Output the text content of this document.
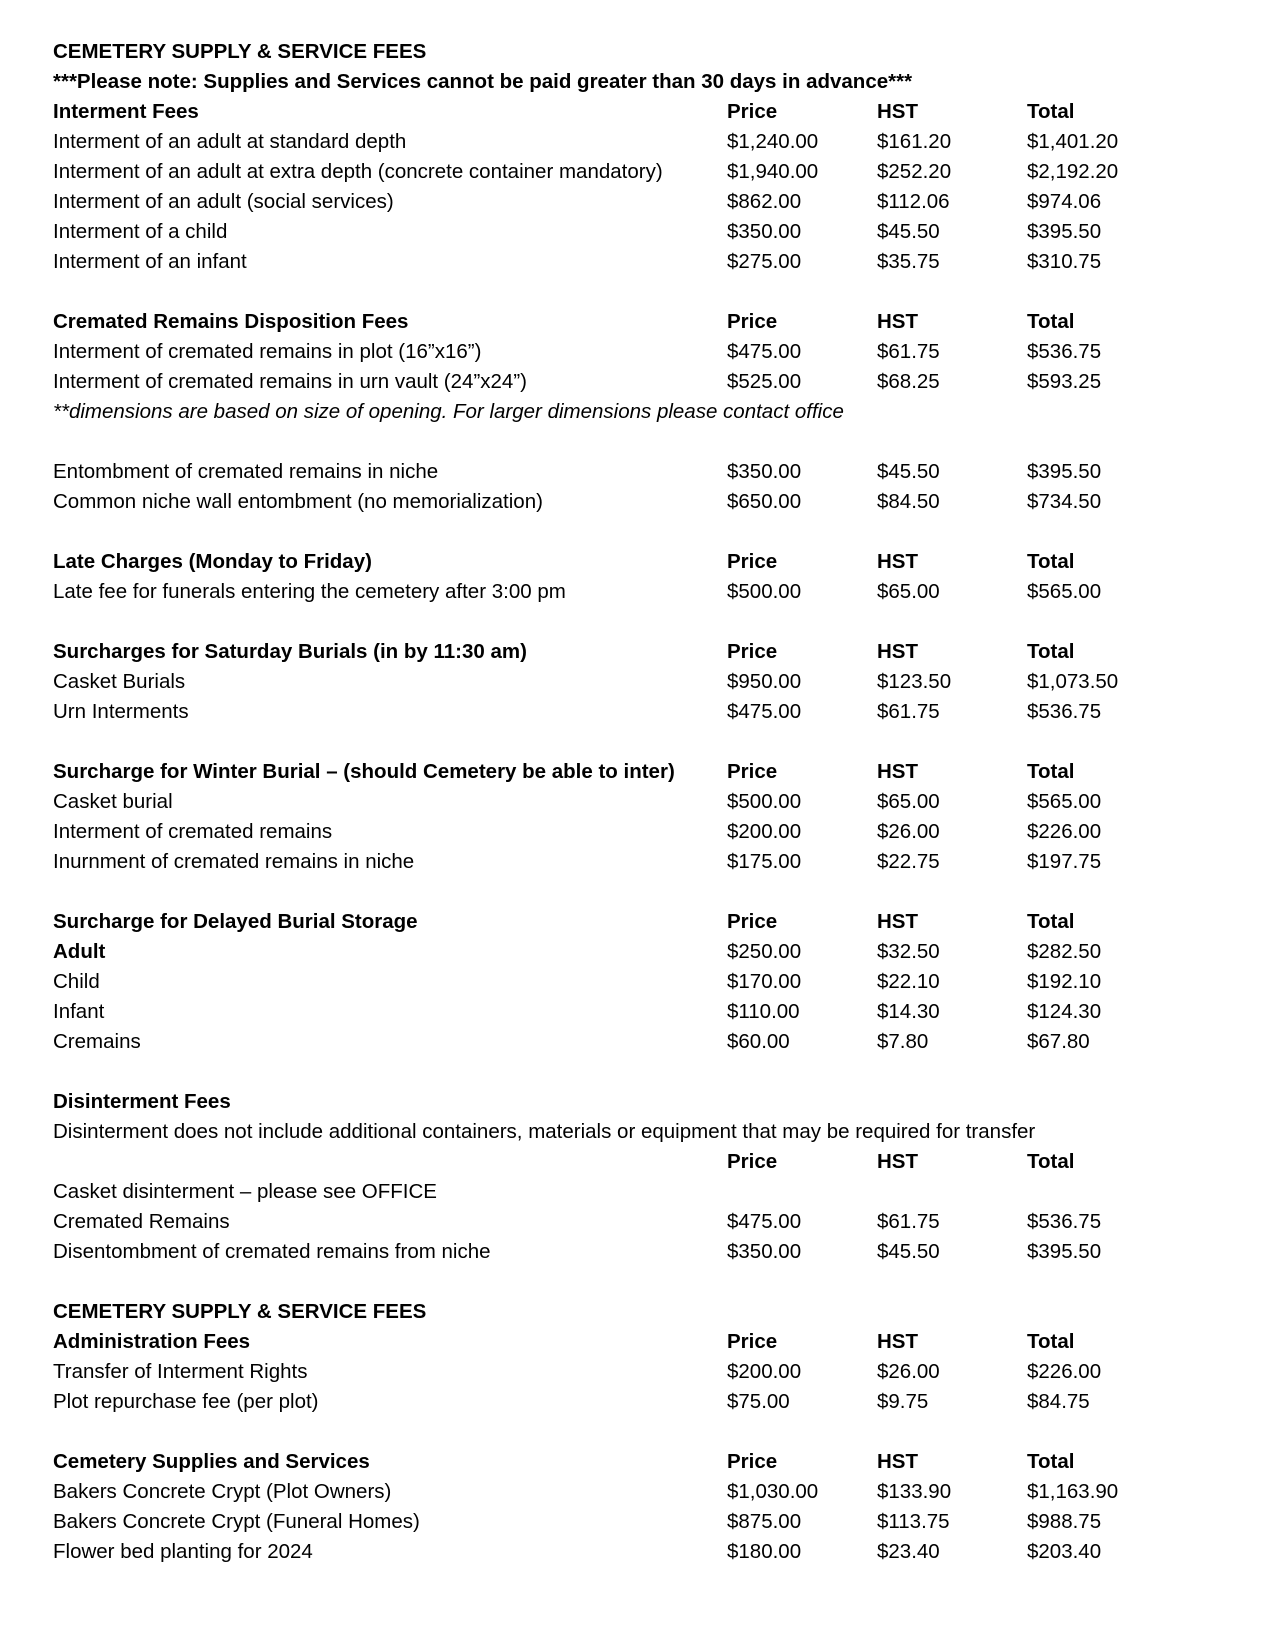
CEMETERY SUPPLY & SERVICE FEES
***Please note: Supplies and Services cannot be paid greater than 30 days in advance***
Interment Fees	Price	HST	Total
Interment of an adult at standard depth	$1,240.00	$161.20	$1,401.20
Interment of an adult at extra depth (concrete container mandatory)	$1,940.00	$252.20	$2,192.20
Interment of an adult (social services)	$862.00	$112.06	$974.06
Interment of a child	$350.00	$45.50	$395.50
Interment of an infant	$275.00	$35.75	$310.75
Cremated Remains Disposition Fees	Price	HST	Total
Interment of cremated remains in plot (16”x16”)	$475.00	$61.75	$536.75
Interment of cremated remains in urn vault (24”x24”)	$525.00	$68.25	$593.25
**dimensions are based on size of opening. For larger dimensions please contact office
Entombment of cremated remains in niche	$350.00	$45.50	$395.50
Common niche wall entombment (no memorialization)	$650.00	$84.50	$734.50
Late Charges (Monday to Friday)	Price	HST	Total
Late fee for funerals entering the cemetery after 3:00 pm	$500.00	$65.00	$565.00
Surcharges for Saturday Burials (in by 11:30 am)	Price	HST	Total
Casket Burials	$950.00	$123.50	$1,073.50
Urn Interments	$475.00	$61.75	$536.75
Surcharge for Winter Burial – (should Cemetery be able to inter)	Price	HST	Total
Casket burial	$500.00	$65.00	$565.00
Interment of cremated remains	$200.00	$26.00	$226.00
Inurnment of cremated remains in niche	$175.00	$22.75	$197.75
Surcharge for Delayed Burial Storage	Price	HST	Total
Adult	$250.00	$32.50	$282.50
Child	$170.00	$22.10	$192.10
Infant	$110.00	$14.30	$124.30
Cremains	$60.00	$7.80	$67.80
Disinterment Fees
Disinterment does not include additional containers, materials or equipment that may be required for transfer
Price	HST	Total
Casket disinterment – please see OFFICE
Cremated Remains	$475.00	$61.75	$536.75
Disentombment of cremated remains from niche	$350.00	$45.50	$395.50
CEMETERY SUPPLY & SERVICE FEES
Administration Fees	Price	HST	Total
Transfer of Interment Rights	$200.00	$26.00	$226.00
Plot repurchase fee (per plot)	$75.00	$9.75	$84.75
Cemetery Supplies and Services	Price	HST	Total
Bakers Concrete Crypt (Plot Owners)	$1,030.00	$133.90	$1,163.90
Bakers Concrete Crypt (Funeral Homes)	$875.00	$113.75	$988.75
Flower bed planting for 2024	$180.00	$23.40	$203.40
